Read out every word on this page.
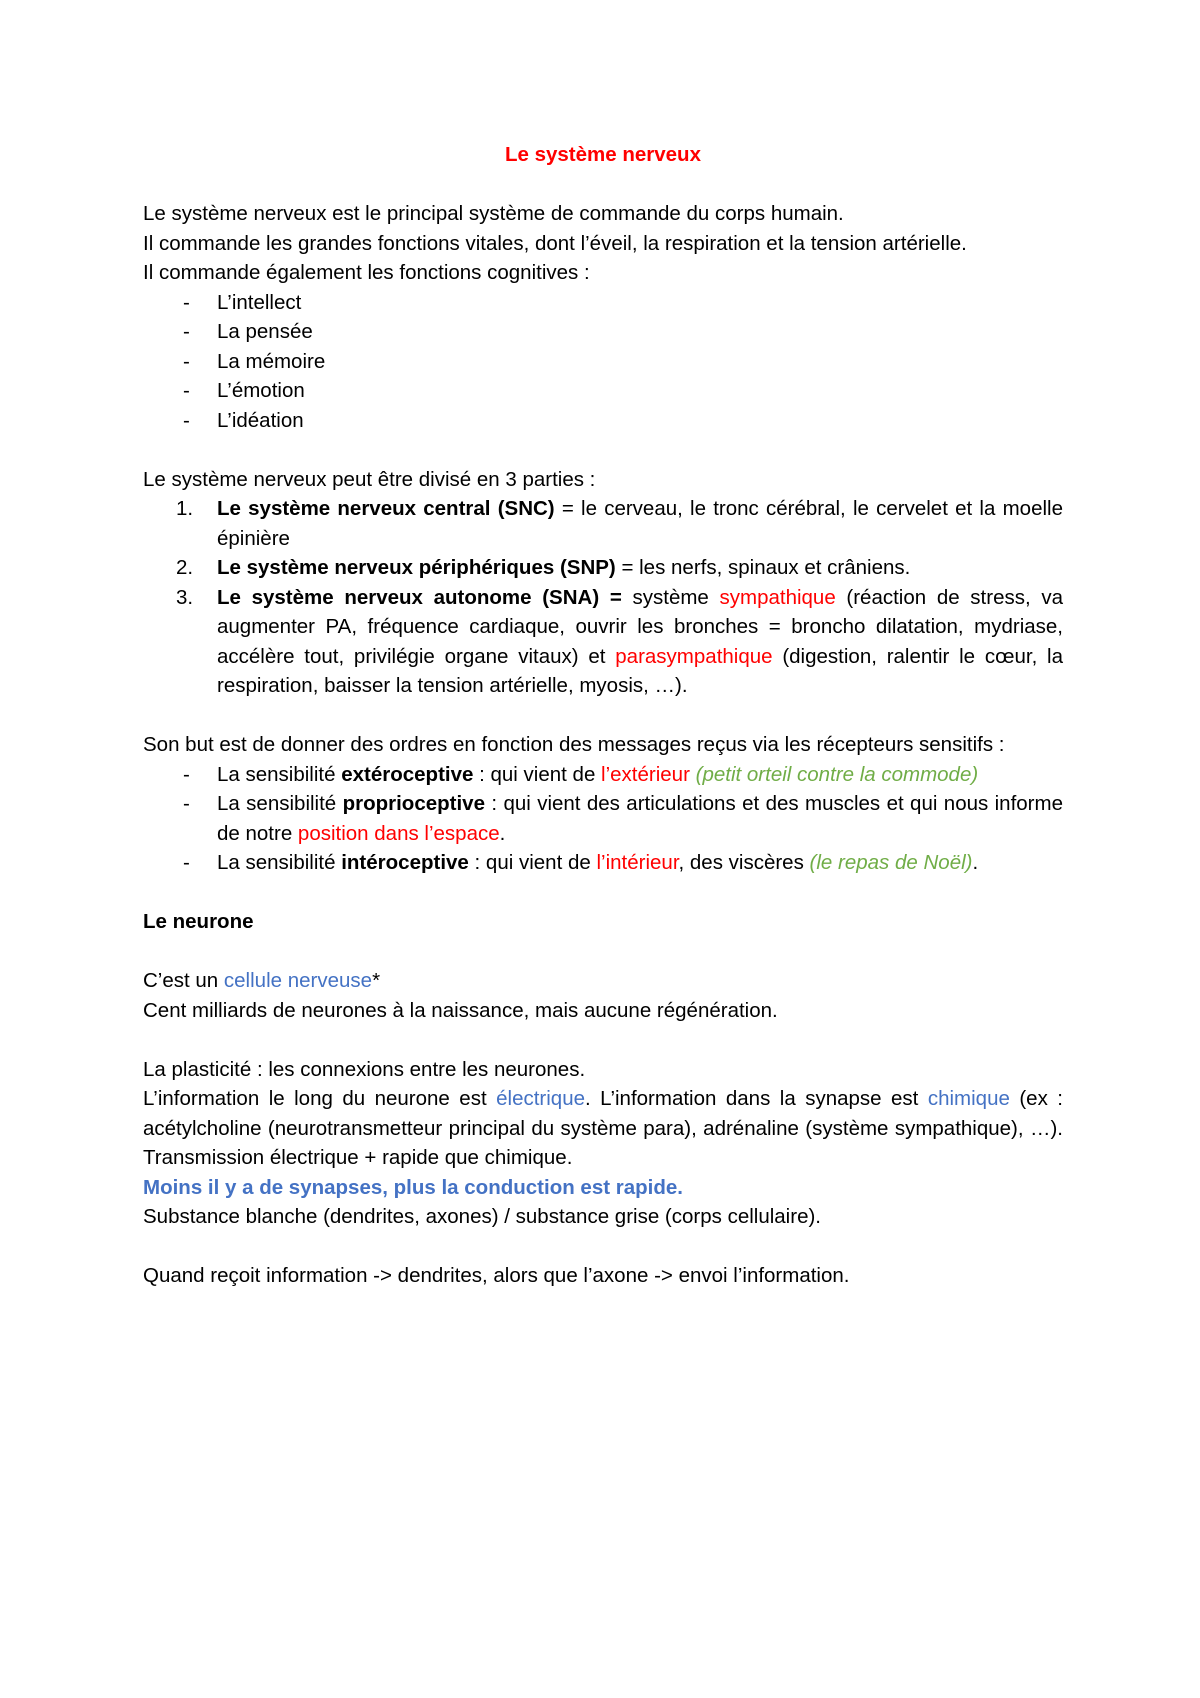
Le système nerveux

Le système nerveux est le principal système de commande du corps humain.

Il commande les grandes fonctions vitales, dont l’éveil, la respiration et la tension artérielle.

Il commande également les fonctions cognitives :

- L’intellect
- La pensée
- La mémoire
- L’émotion
- L’idéation

Le système nerveux peut être divisé en 3 parties :

1. Le système nerveux central (SNC) = le cerveau, le tronc cérébral, le cervelet et la moelle épinière
2. Le système nerveux périphériques (SNP) = les nerfs, spinaux et crâniens.
3. Le système nerveux autonome (SNA) = système sympathique (réaction de stress, va augmenter PA, fréquence cardiaque, ouvrir les bronches = broncho dilatation, mydriase, accélère tout, privilégie organe vitaux) et parasympathique (digestion, ralentir le cœur, la respiration, baisser la tension artérielle, myosis, …).

Son but est de donner des ordres en fonction des messages reçus via les récepteurs sensitifs :

- La sensibilité extéroceptive : qui vient de l’extérieur (petit orteil contre la commode)
- La sensibilité proprioceptive : qui vient des articulations et des muscles et qui nous informe de notre position dans l’espace.
- La sensibilité intéroceptive : qui vient de l’intérieur, des viscères (le repas de Noël).

Le neurone

C’est un cellule nerveuse*

Cent milliards de neurones à la naissance, mais aucune régénération.

La plasticité : les connexions entre les neurones.

L’information le long du neurone est électrique. L’information dans la synapse est chimique (ex : acétylcholine (neurotransmetteur principal du système para), adrénaline (système sympathique), …). Transmission électrique + rapide que chimique.

Moins il y a de synapses, plus la conduction est rapide.

Substance blanche (dendrites, axones) / substance grise (corps cellulaire).

Quand reçoit information -> dendrites, alors que l’axone -> envoi l’information.
